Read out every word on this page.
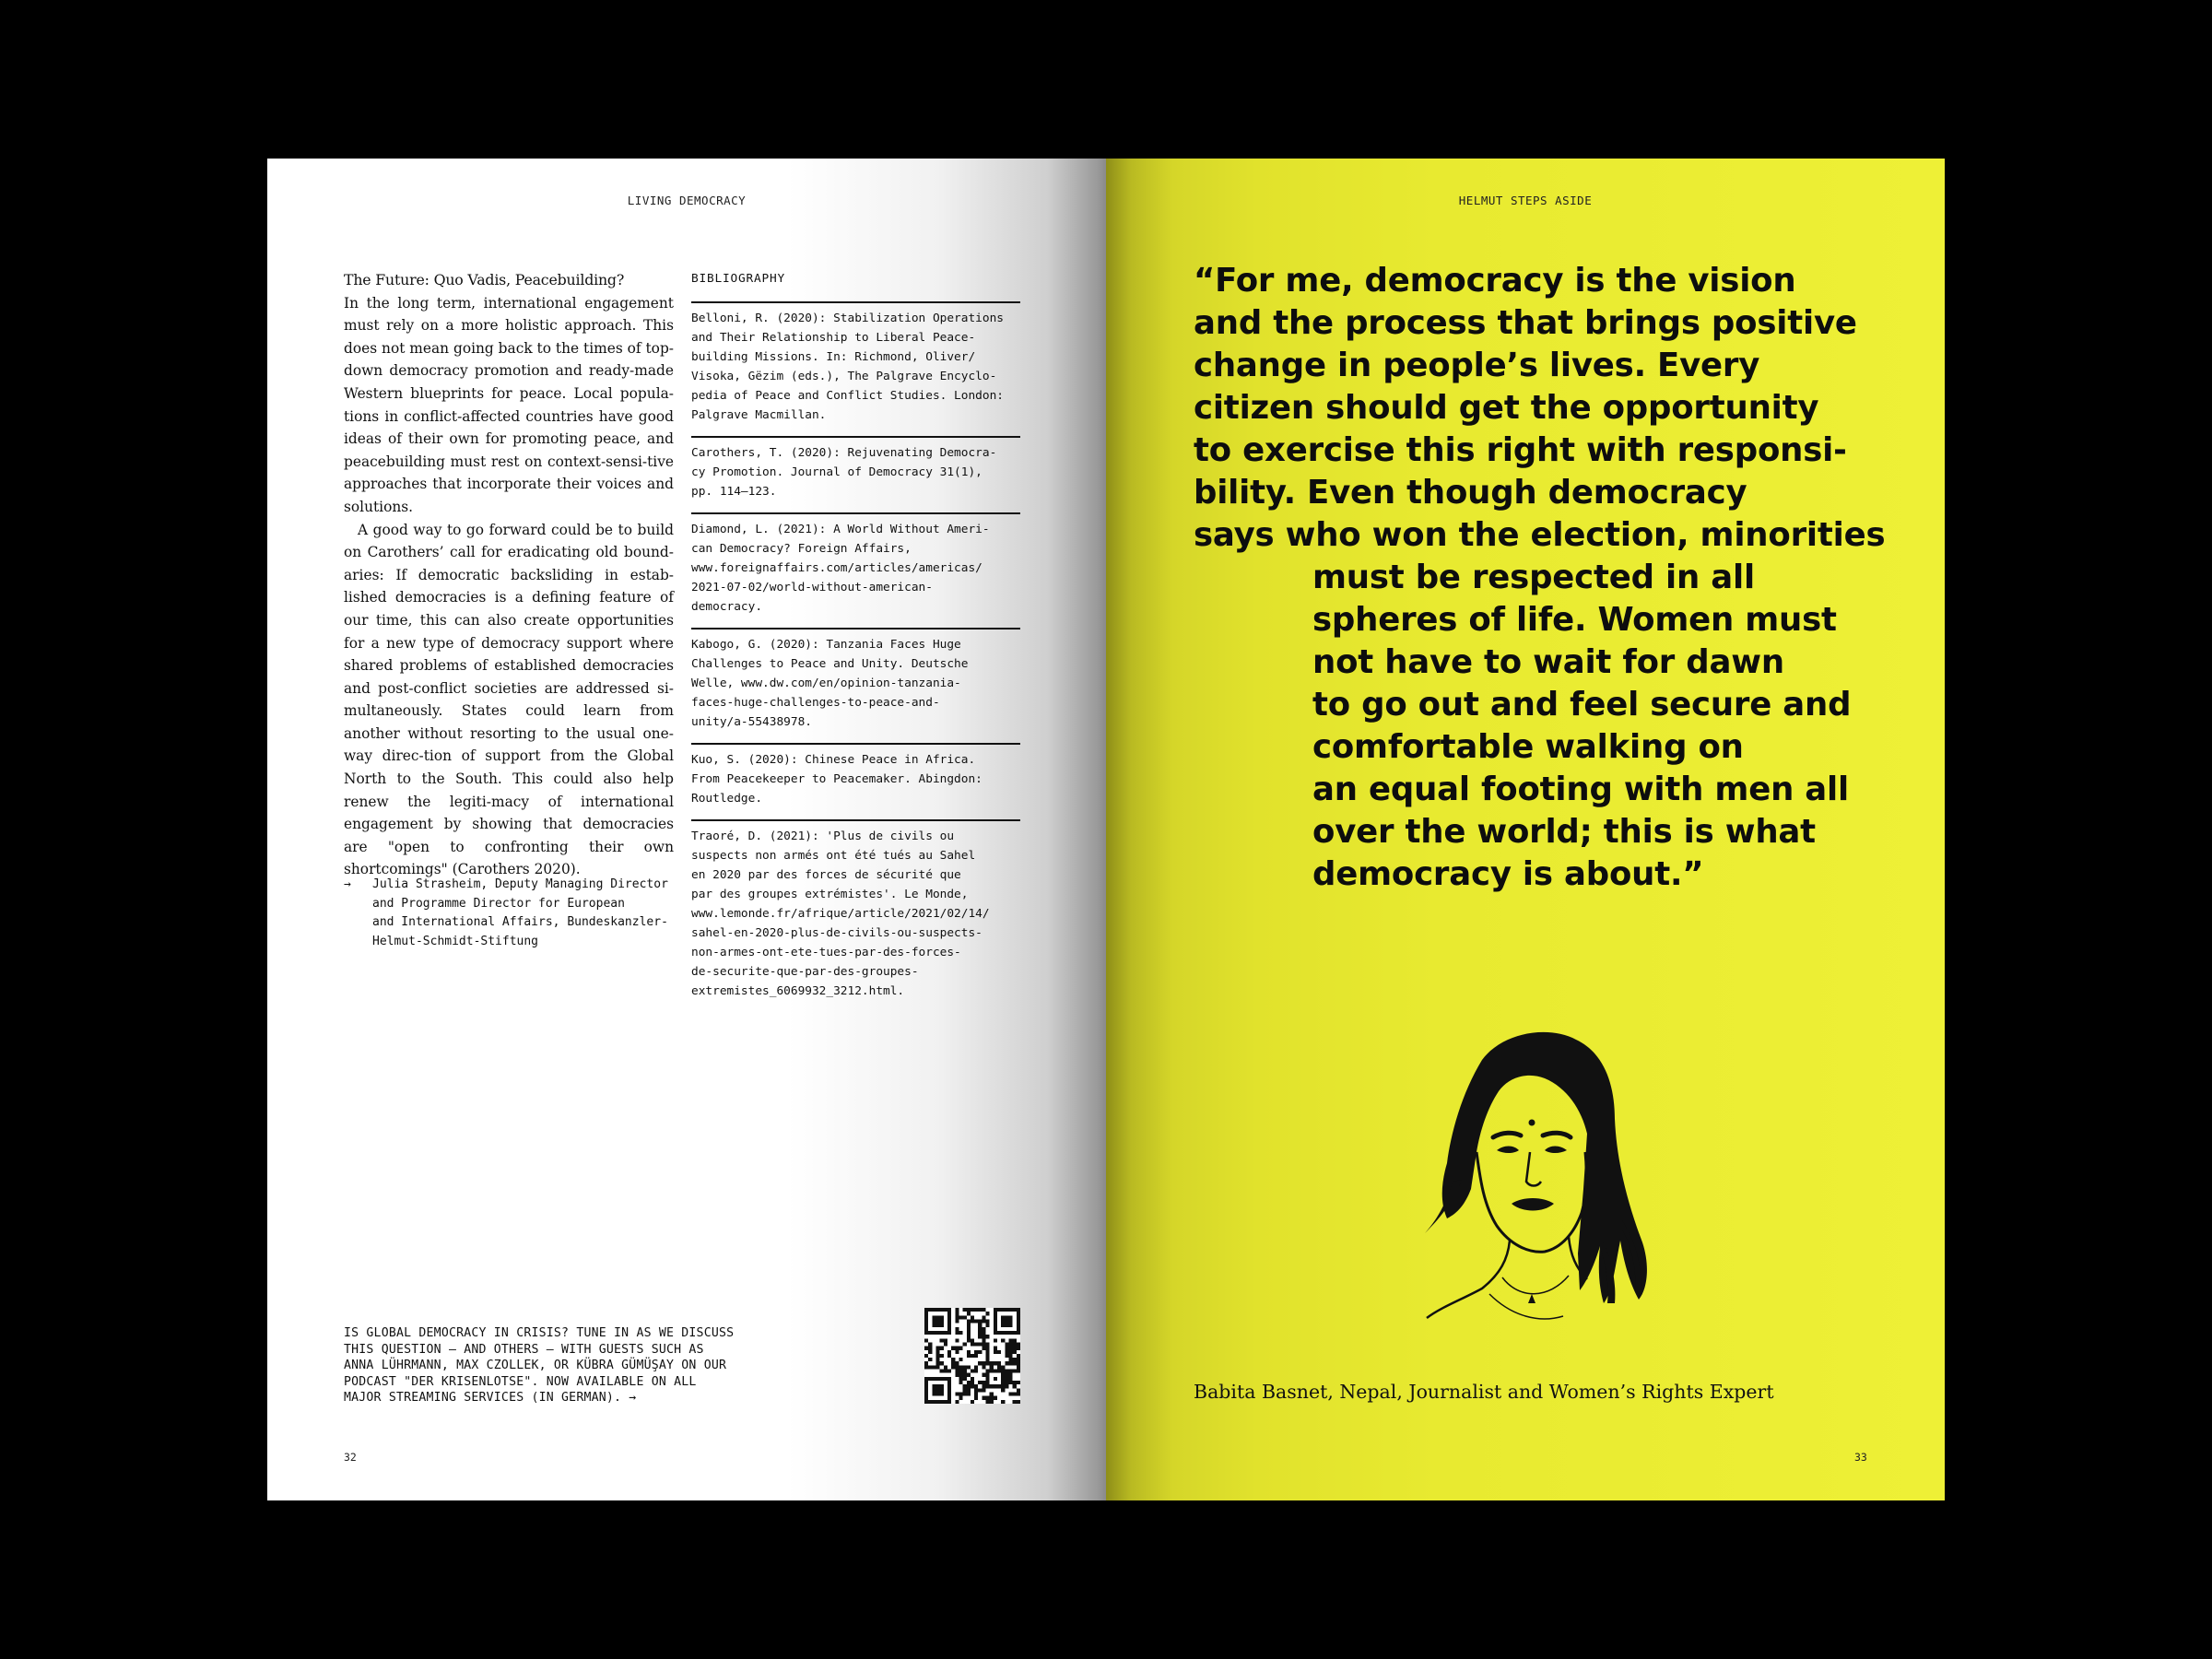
LIVING DEMOCRACY
The Future: Quo Vadis, Peacebuilding?

In the long term, international engagement must rely on a more holistic approach. This does not mean going back to the times of top-down democracy promotion and ready-made Western blueprints for peace. Local popula-tions in conflict-affected countries have good ideas of their own for promoting peace, and peacebuilding must rest on context-sensi-tive approaches that incorporate their voices and solutions.

A good way to go forward could be to build on Carothers’ call for eradicating old bound-aries: If democratic backsliding in estab-lished democracies is a defining feature of our time, this can also create opportunities for a new type of democracy support where shared problems of established democracies and post-conflict societies are addressed si-multaneously. States could learn from another without resorting to the usual one-way direc-tion of support from the Global North to the South. This could also help renew the legiti-macy of international engagement by showing that democracies are "open to confronting their own shortcomings" (Carothers 2020).

→ Julia Strasheim, Deputy Managing Director
and Programme Director for European
and International Affairs, Bundeskanzler-
Helmut-Schmidt-Stiftung
BIBLIOGRAPHY
Belloni, R. (2020): Stabilization Operations
and Their Relationship to Liberal Peace-
building Missions. In: Richmond, Oliver/
Visoka, Gëzim (eds.), The Palgrave Encyclo-
pedia of Peace and Conflict Studies. London:
Palgrave Macmillan.
Carothers, T. (2020): Rejuvenating Democra-
cy Promotion. Journal of Democracy 31(1),
pp. 114–123.
Diamond, L. (2021): A World Without Ameri-
can Democracy? Foreign Affairs,
www.foreignaffairs.com/articles/americas/
2021-07-02/world-without-american-
democracy.
Kabogo, G. (2020): Tanzania Faces Huge
Challenges to Peace and Unity. Deutsche
Welle, www.dw.com/en/opinion-tanzania-
faces-huge-challenges-to-peace-and-
unity/a-55438978.
Kuo, S. (2020): Chinese Peace in Africa.
From Peacekeeper to Peacemaker. Abingdon:
Routledge.
Traoré, D. (2021): 'Plus de civils ou
suspects non armés ont été tués au Sahel
en 2020 par des forces de sécurité que
par des groupes extrémistes'. Le Monde,
www.lemonde.fr/afrique/article/2021/02/14/
sahel-en-2020-plus-de-civils-ou-suspects-
non-armes-ont-ete-tues-par-des-forces-
de-securite-que-par-des-groupes-
extremistes_6069932_3212.html.
IS GLOBAL DEMOCRACY IN CRISIS? TUNE IN AS WE DISCUSS
THIS QUESTION — AND OTHERS — WITH GUESTS SUCH AS
ANNA LÜHRMANN, MAX CZOLLEK, OR KÜBRA GÜMÜŞAY ON OUR
PODCAST "DER KRISENLOTSE". NOW AVAILABLE ON ALL
MAJOR STREAMING SERVICES (IN GERMAN). →
32
HELMUT STEPS ASIDE
“For me, democracy is the vision
and the process that brings positive
change in people’s lives. Every
citizen should get the opportunity
to exercise this right with responsi-
bility. Even though democracy
says who won the election, minorities
must be respected in all
spheres of life. Women must
not have to wait for dawn
to go out and feel secure and
comfortable walking on
an equal footing with men all
over the world; this is what
democracy is about.”
Babita Basnet, Nepal, Journalist and Women’s Rights Expert
33
